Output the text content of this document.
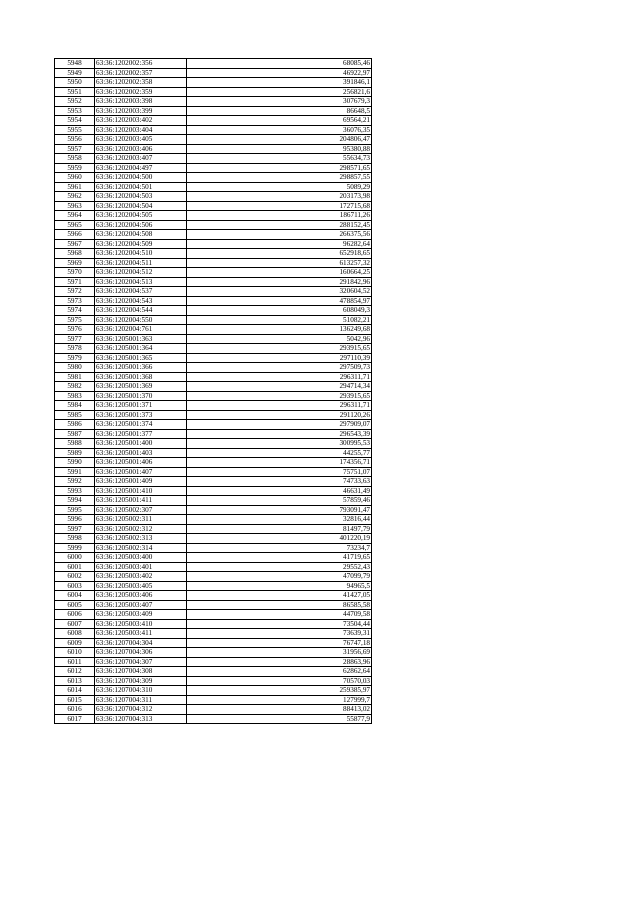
5948	63:36:1202002:356	68085,46
5949	63:36:1202002:357	46922,97
5950	63:36:1202002:358	391846,1
5951	63:36:1202002:359	256821,6
5952	63:36:1202003:398	307679,3
5953	63:36:1202003:399	86648,5
5954	63:36:1202003:402	69564,21
5955	63:36:1202003:404	36076,35
5956	63:36:1202003:405	204806,47
5957	63:36:1202003:406	95380,88
5958	63:36:1202003:407	55634,73
5959	63:36:1202004:497	298571,65
5960	63:36:1202004:500	298857,55
5961	63:36:1202004:501	5089,29
5962	63:36:1202004:503	203173,98
5963	63:36:1202004:504	172715,68
5964	63:36:1202004:505	186711,26
5965	63:36:1202004:506	288152,45
5966	63:36:1202004:508	266375,56
5967	63:36:1202004:509	96282,64
5968	63:36:1202004:510	652918,65
5969	63:36:1202004:511	613257,32
5970	63:36:1202004:512	160664,25
5971	63:36:1202004:513	291842,96
5972	63:36:1202004:537	320604,52
5973	63:36:1202004:543	478854,97
5974	63:36:1202004:544	608049,3
5975	63:36:1202004:550	51082,21
5976	63:36:1202004:761	136249,68
5977	63:36:1205001:363	5042,96
5978	63:36:1205001:364	293915,65
5979	63:36:1205001:365	297110,39
5980	63:36:1205001:366	297509,73
5981	63:36:1205001:368	296311,71
5982	63:36:1205001:369	294714,34
5983	63:36:1205001:370	293915,65
5984	63:36:1205001:371	296311,71
5985	63:36:1205001:373	291120,26
5986	63:36:1205001:374	297909,07
5987	63:36:1205001:377	296543,39
5988	63:36:1205001:400	300995,53
5989	63:36:1205001:403	44255,77
5990	63:36:1205001:406	174356,71
5991	63:36:1205001:407	75751,07
5992	63:36:1205001:409	74733,63
5993	63:36:1205001:410	46631,49
5994	63:36:1205001:411	57859,46
5995	63:36:1205002:307	793091,47
5996	63:36:1205002:311	32816,44
5997	63:36:1205002:312	81497,79
5998	63:36:1205002:313	401220,19
5999	63:36:1205002:314	73234,7
6000	63:36:1205003:400	41719,65
6001	63:36:1205003:401	29552,43
6002	63:36:1205003:402	47099,79
6003	63:36:1205003:405	94965,5
6004	63:36:1205003:406	41427,05
6005	63:36:1205003:407	86585,58
6006	63:36:1205003:409	44709,58
6007	63:36:1205003:410	73504,44
6008	63:36:1205003:411	73639,31
6009	63:36:1207004:304	76747,18
6010	63:36:1207004:306	31956,69
6011	63:36:1207004:307	28863,96
6012	63:36:1207004:308	62862,64
6013	63:36:1207004:309	70570,03
6014	63:36:1207004:310	259385,97
6015	63:36:1207004:311	127999,7
6016	63:36:1207004:312	88413,02
6017	63:36:1207004:313	55877,9
